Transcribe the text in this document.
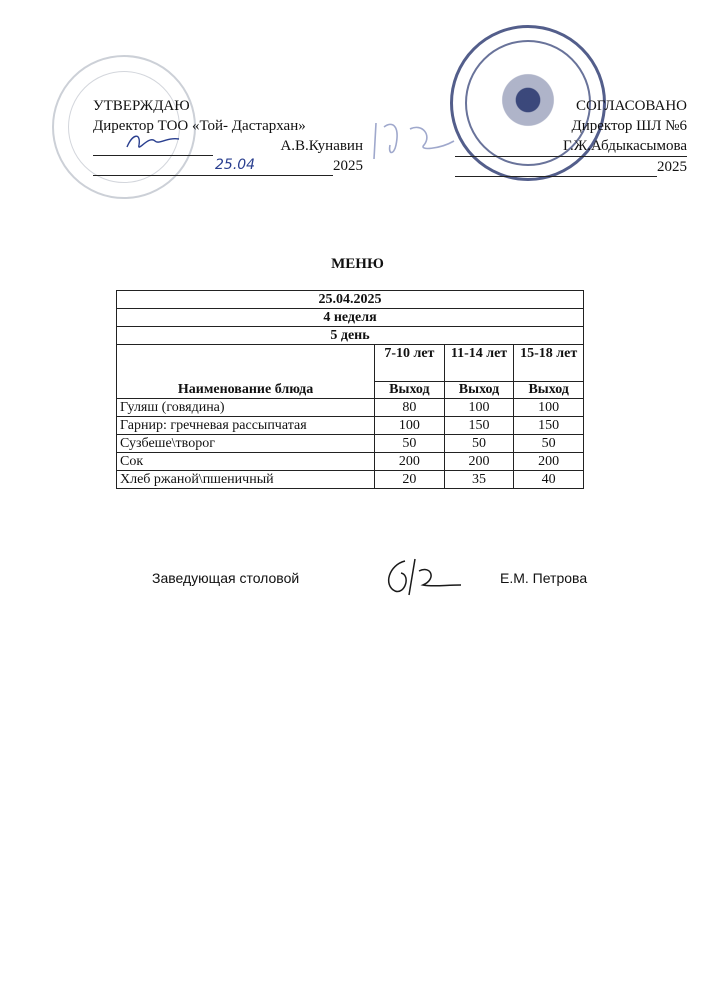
УТВЕРЖДАЮ
Директор ТОО «Той- Дастархан»
А.В.Кунавин
25.04	2025
СОГЛАСОВАНО
Директор ШЛ №6
Г.Ж.Абдыкасымова
2025
МЕНЮ
25.04.2025			
4 неделя			
5 день			
Наименование блюда	7-10 лет	11-14 лет	15-18 лет
	Выход	Выход	Выход
Гуляш (говядина)	80	100	100
Гарнир: гречневая рассыпчатая	100	150	150
Сузбеше\творог	50	50	50
Сок	200	200	200
Хлеб ржаной\пшеничный	20	35	40
Заведующая столовой	Е.М. Петрова
